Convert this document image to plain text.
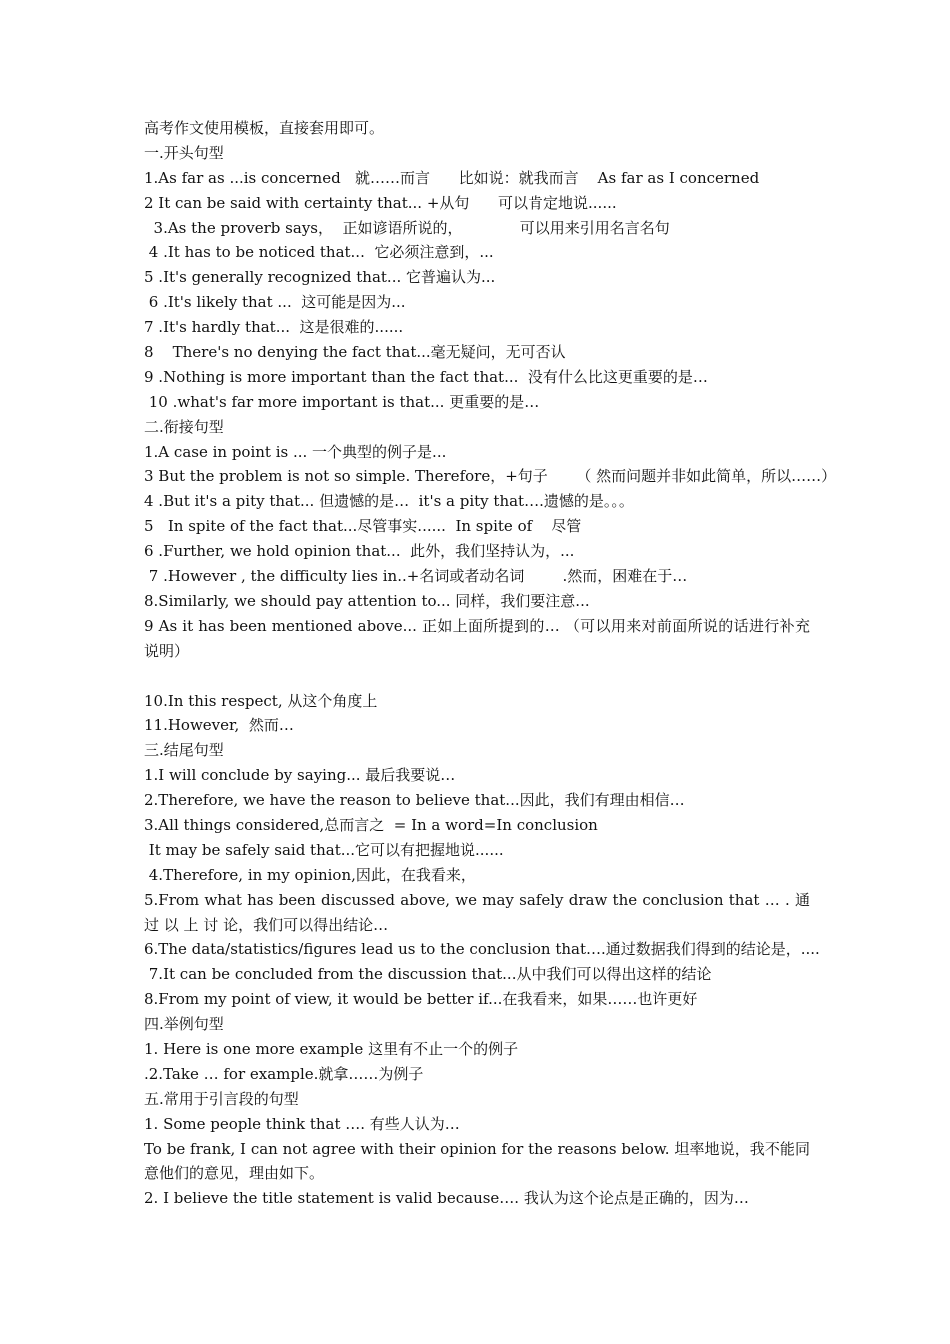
高考作文使用模板，直接套用即可。
一.开头句型
1.As far as ...is concerned   就……而言      比如说：就我而言    As far as I concerned
2 It can be said with certainty that... +从句      可以肯定地说......
3.As the proverb says，  正如谚语所说的，            可以用来引用名言名句
4 .It has to be noticed that...  它必须注意到，...
5 .It's generally recognized that... 它普遍认为...
6 .It's likely that ...  这可能是因为...
7 .It's hardly that...  这是很难的......
8    There's no denying the fact that...毫无疑问，无可否认
9 .Nothing is more important than the fact that...  没有什么比这更重要的是…
10 .what's far more important is that... 更重要的是…
二.衔接句型
1.A case in point is ... 一个典型的例子是...
3 But the problem is not so simple. Therefore，+句子      （ 然而问题并非如此简单，所以……）
4 .But it's a pity that... 但遗憾的是…  it's a pity that….遗憾的是。。。
5   In spite of the fact that...尽管事实......  In spite of    尽管
6 .Further, we hold opinion that...  此外，我们坚持认为，...
7 .However , the difficulty lies in..+名词或者动名词        .然而，困难在于…
8.Similarly, we should pay attention to... 同样，我们要注意...
9 As it has been mentioned above... 正如上面所提到的… （可以用来对前面所说的话进行补充说明）
10.In this respect, 从这个角度上
11.However,  然而…
三.结尾句型
1.I will conclude by saying... 最后我要说…
2.Therefore, we have the reason to believe that...因此，我们有理由相信…
3.All things considered,总而言之  = In a word=In conclusion
It may be safely said that...它可以有把握地说......
4.Therefore, in my opinion,因此，在我看来，
5.From what has been discussed above, we may safely draw the conclusion that … . 通 过 以 上 讨 论，我们可以得出结论…
6.The data/statistics/figures lead us to the conclusion that….通过数据我们得到的结论是，....
7.It can be concluded from the discussion that...从中我们可以得出这样的结论
8.From my point of view, it would be better if...在我看来，如果……也许更好
四.举例句型
1. Here is one more example 这里有不止一个的例子
.2.Take … for example.就拿……为例子
五.常用于引言段的句型
1. Some people think that …. 有些人认为…
To be frank, I can not agree with their opinion for the reasons below. 坦率地说，我不能同意他们的意见，理由如下。
2. I believe the title statement is valid because…. 我认为这个论点是正确的，因为…
